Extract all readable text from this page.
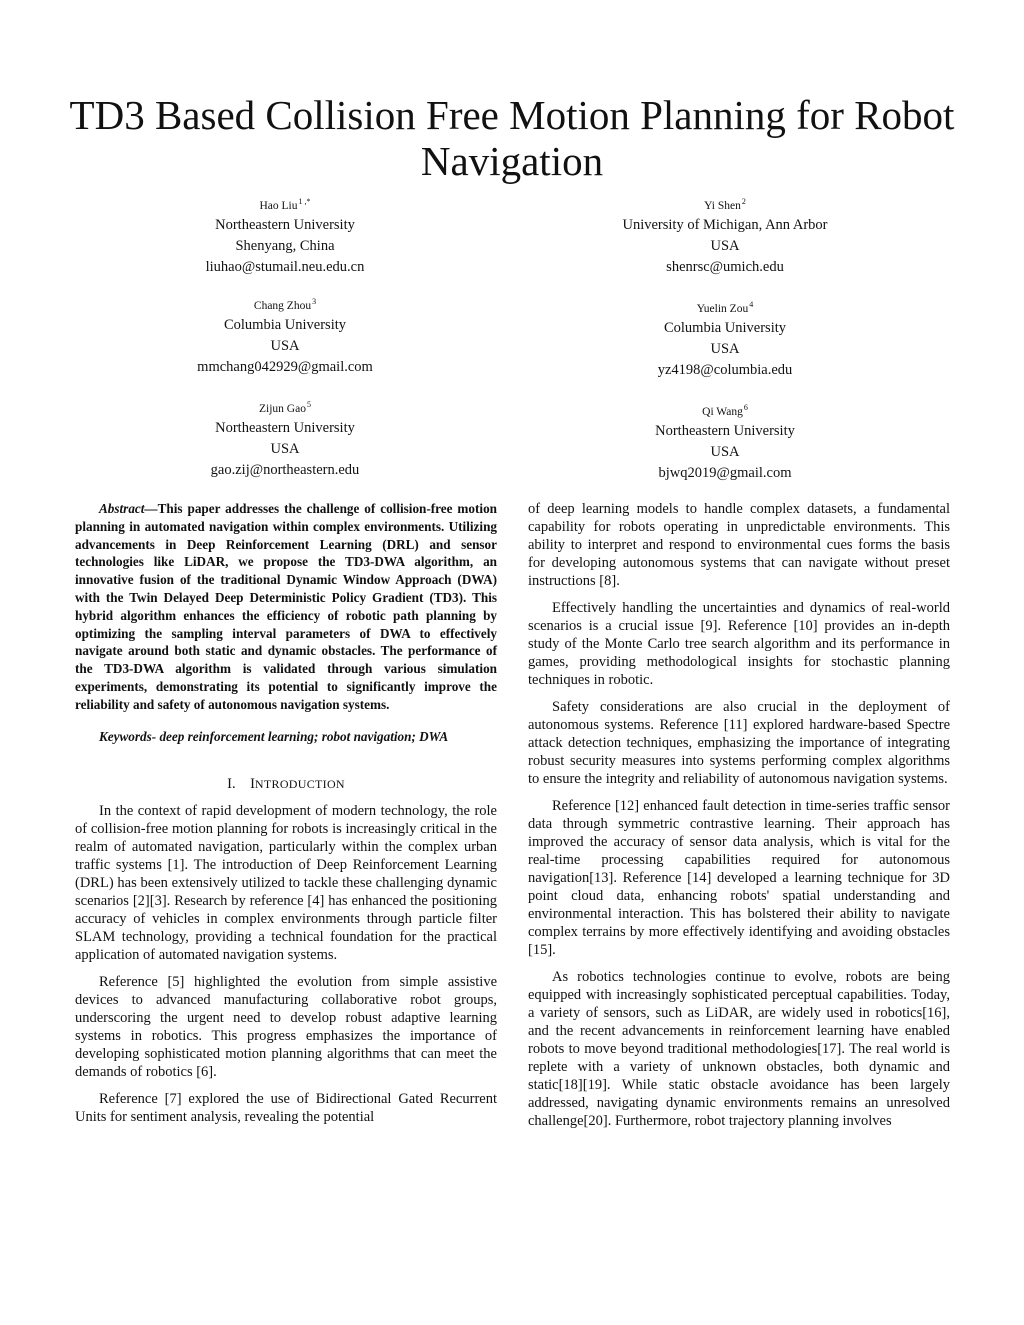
TD3 Based Collision Free Motion Planning for Robot Navigation
Hao Liu$^{1 ,*}$
Northeastern University
Shenyang, China
liuhao@stumail.neu.edu.cn
Chang Zhou$^3$
Columbia University
USA
mmchang042929@gmail.com
Zijun Gao$^5$
Northeastern University
USA
gao.zij@northeastern.edu
Yi Shen$^2$
University of Michigan, Ann Arbor
USA
shenrsc@umich.edu
Yuelin Zou$^4$
Columbia University
USA
yz4198@columbia.edu
Qi Wang$^6$
Northeastern University
USA
bjwq2019@gmail.com

Abstract—This paper addresses the challenge of collision-free motion planning in automated navigation within complex environments. Utilizing advancements in Deep Reinforcement Learning (DRL) and sensor technologies like LiDAR, we propose the TD3-DWA algorithm, an innovative fusion of the traditional Dynamic Window Approach (DWA) with the Twin Delayed Deep Deterministic Policy Gradient (TD3). This hybrid algorithm enhances the efficiency of robotic path planning by optimizing the sampling interval parameters of DWA to effectively navigate around both static and dynamic obstacles. The performance of the TD3-DWA algorithm is validated through various simulation experiments, demonstrating its potential to significantly improve the reliability and safety of autonomous navigation systems.

Keywords- deep reinforcement learning; robot navigation; DWA

I. INTRODUCTION

In the context of rapid development of modern technology, the role of collision-free motion planning for robots is increasingly critical in the realm of automated navigation, particularly within the complex urban traffic systems [1]. The introduction of Deep Reinforcement Learning (DRL) has been extensively utilized to tackle these challenging dynamic scenarios [2][3]. Research by reference [4] has enhanced the positioning accuracy of vehicles in complex environments through particle filter SLAM technology, providing a technical foundation for the practical application of automated navigation systems.

Reference [5] highlighted the evolution from simple assistive devices to advanced manufacturing collaborative robot groups, underscoring the urgent need to develop robust adaptive learning systems in robotics. This progress emphasizes the importance of developing sophisticated motion planning algorithms that can meet the demands of robotics [6].

Reference [7] explored the use of Bidirectional Gated Recurrent Units for sentiment analysis, revealing the potential

of deep learning models to handle complex datasets, a fundamental capability for robots operating in unpredictable environments. This ability to interpret and respond to environmental cues forms the basis for developing autonomous systems that can navigate without preset instructions [8].

Effectively handling the uncertainties and dynamics of real-world scenarios is a crucial issue [9]. Reference [10] provides an in-depth study of the Monte Carlo tree search algorithm and its performance in games, providing methodological insights for stochastic planning techniques in robotic.

Safety considerations are also crucial in the deployment of autonomous systems. Reference [11] explored hardware-based Spectre attack detection techniques, emphasizing the importance of integrating robust security measures into systems performing complex algorithms to ensure the integrity and reliability of autonomous navigation systems.

Reference [12] enhanced fault detection in time-series traffic sensor data through symmetric contrastive learning. Their approach has improved the accuracy of sensor data analysis, which is vital for the real-time processing capabilities required for autonomous navigation[13]. Reference [14] developed a learning technique for 3D point cloud data, enhancing robots' spatial understanding and environmental interaction. This has bolstered their ability to navigate complex terrains by more effectively identifying and avoiding obstacles [15].

As robotics technologies continue to evolve, robots are being equipped with increasingly sophisticated perceptual capabilities. Today, a variety of sensors, such as LiDAR, are widely used in robotics[16], and the recent advancements in reinforcement learning have enabled robots to move beyond traditional methodologies[17]. The real world is replete with a variety of unknown obstacles, both dynamic and static[18][19]. While static obstacle avoidance has been largely addressed, navigating dynamic environments remains an unresolved challenge[20]. Furthermore, robot trajectory planning involves
